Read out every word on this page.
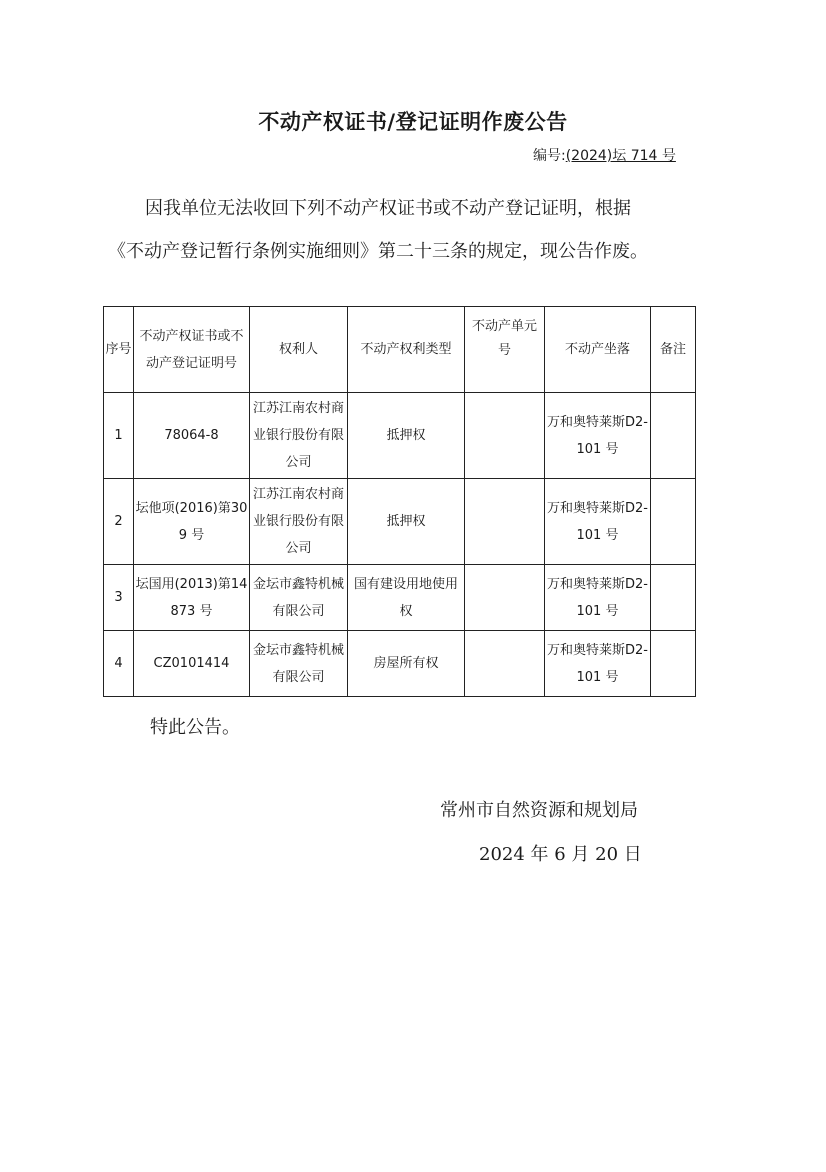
不动产权证书/登记证明作废公告
编号:(2024)坛 714 号
因我单位无法收回下列不动产权证书或不动产登记证明，根据
《不动产登记暂行条例实施细则》第二十三条的规定，现公告作废。
序号	不动产权证书或不动产登记证明号	权利人	不动产权利类型	不动产单元号	不动产坐落	备注
1	78064-8	江苏江南农村商业银行股份有限公司	抵押权		万和奥特莱斯D2-101 号	
2	坛他项(2016)第309 号	江苏江南农村商业银行股份有限公司	抵押权		万和奥特莱斯D2-101 号	
3	坛国用(2013)第14873 号	金坛市鑫特机械有限公司	国有建设用地使用权		万和奥特莱斯D2-101 号	
4	CZ0101414	金坛市鑫特机械有限公司	房屋所有权		万和奥特莱斯D2-101 号	
特此公告。
常州市自然资源和规划局
2024 年 6 月 20 日
